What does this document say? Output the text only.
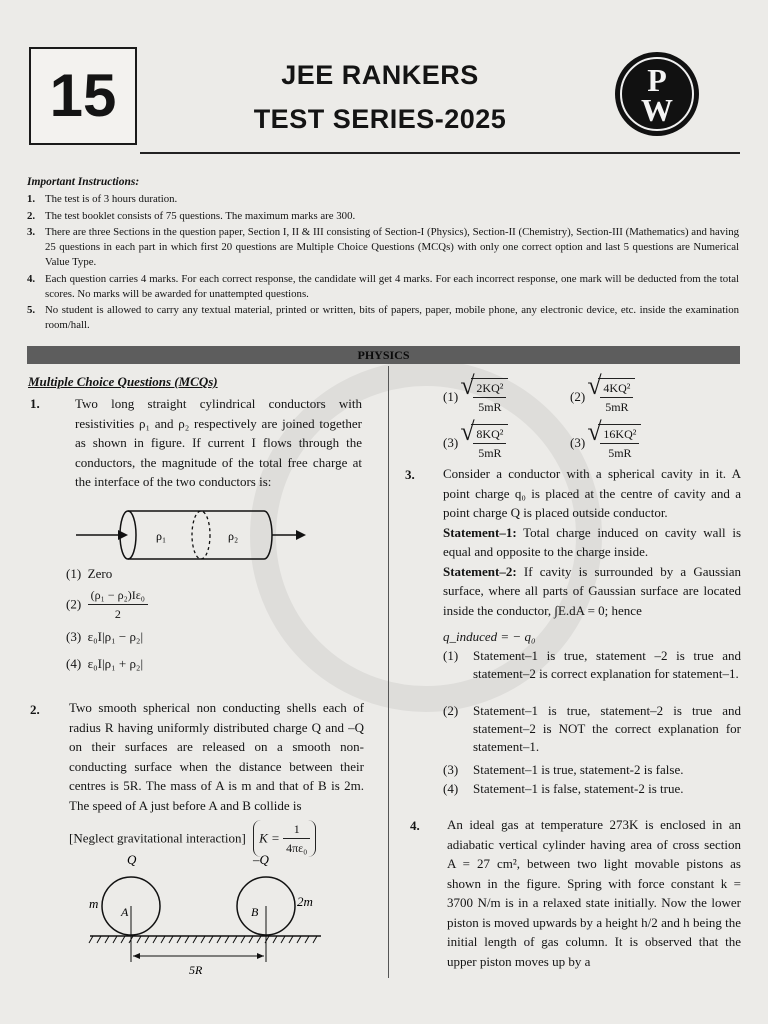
15	JEE RANKERS
TEST SERIES-2025
P
W
Important Instructions:
1. The test is of 3 hours duration.
2. The test booklet consists of 75 questions. The maximum marks are 300.
3. There are three Sections in the question paper, Section I, II & III consisting of Section-I (Physics), Section-II (Chemistry), Section-III (Mathematics) and having 25 questions in each part in which first 20 questions are Multiple Choice Questions (MCQs) with only one correct option and last 5 questions are Numerical Value Type.
4. Each question carries 4 marks. For each correct response, the candidate will get 4 marks. For each incorrect response, one mark will be deducted from the total scores. No marks will be awarded for unattempted questions.
5. No student is allowed to carry any textual material, printed or written, bits of papers, paper, mobile phone, any electronic device, etc. inside the examination room/hall.
PHYSICS
Multiple Choice Questions (MCQs)
1.	Two long straight cylindrical conductors with resistivities ρ₁ and ρ₂ respectively are joined together as shown in figure. If current I flows through the conductors, the magnitude of the total free charge at the interface of the two conductors is:
ρ₁	ρ₂
(1) Zero
$(2) \frac{\text{(ρ₁ − ρ₂)Iε₀}}{2}$
(3) ε₀I|ρ₁ − ρ₂|
(4) ε₀I|ρ₁ + ρ₂|
2. Two smooth spherical non conducting shells each of radius R having uniformly distributed charge Q and –Q on their surfaces are released on a smooth non-conducting surface when the distance between their centres is 5R. The mass of A is m and that of B is 2m. The speed of A just before A and B collide is
[Neglect gravitational interaction] $K = \frac{1}{\text{4πε₀}}$
Q	–Q
m
A	B
2m
5R
(1) √ $\frac{\text{2KQ²}}{5mR}$	(2) √ $\frac{\text{4KQ²}}{5mR}$
(3) √ $\frac{\text{8KQ²}}{5mR}$	(3) √ $\frac{\text{16KQ²}}{5mR}$
3. Consider a conductor with a spherical cavity in it. A point charge q₀ is placed at the centre of cavity and a point charge Q is placed outside conductor.
Statement–1: Total charge induced on cavity wall is equal and opposite to the charge inside.
Statement–2: If cavity is surrounded by a Gaussian surface, where all parts of Gaussian surface are located inside the conductor, ∫E.dA = 0; hence
q_induced = − q₀
(1)	Statement–1 is true, statement –2 is true and statement–2 is correct explanation for statement–1.
(2)	Statement–1 is true, statement–2 is true and statement–2 is NOT the correct explanation for statement–1.
(3)	Statement–1 is true, statement-2 is false.
(4)	Statement–1 is false, statement-2 is true.
4. An ideal gas at temperature 273K is enclosed in an adiabatic vertical cylinder having area of cross section A = 27 cm², between two light movable pistons as shown in the figure. Spring with force constant k = 3700 N/m is in a relaxed state initially. Now the lower piston is moved upwards by a height h/2 and h being the initial length of gas column. It is observed that the upper piston moves up by a
